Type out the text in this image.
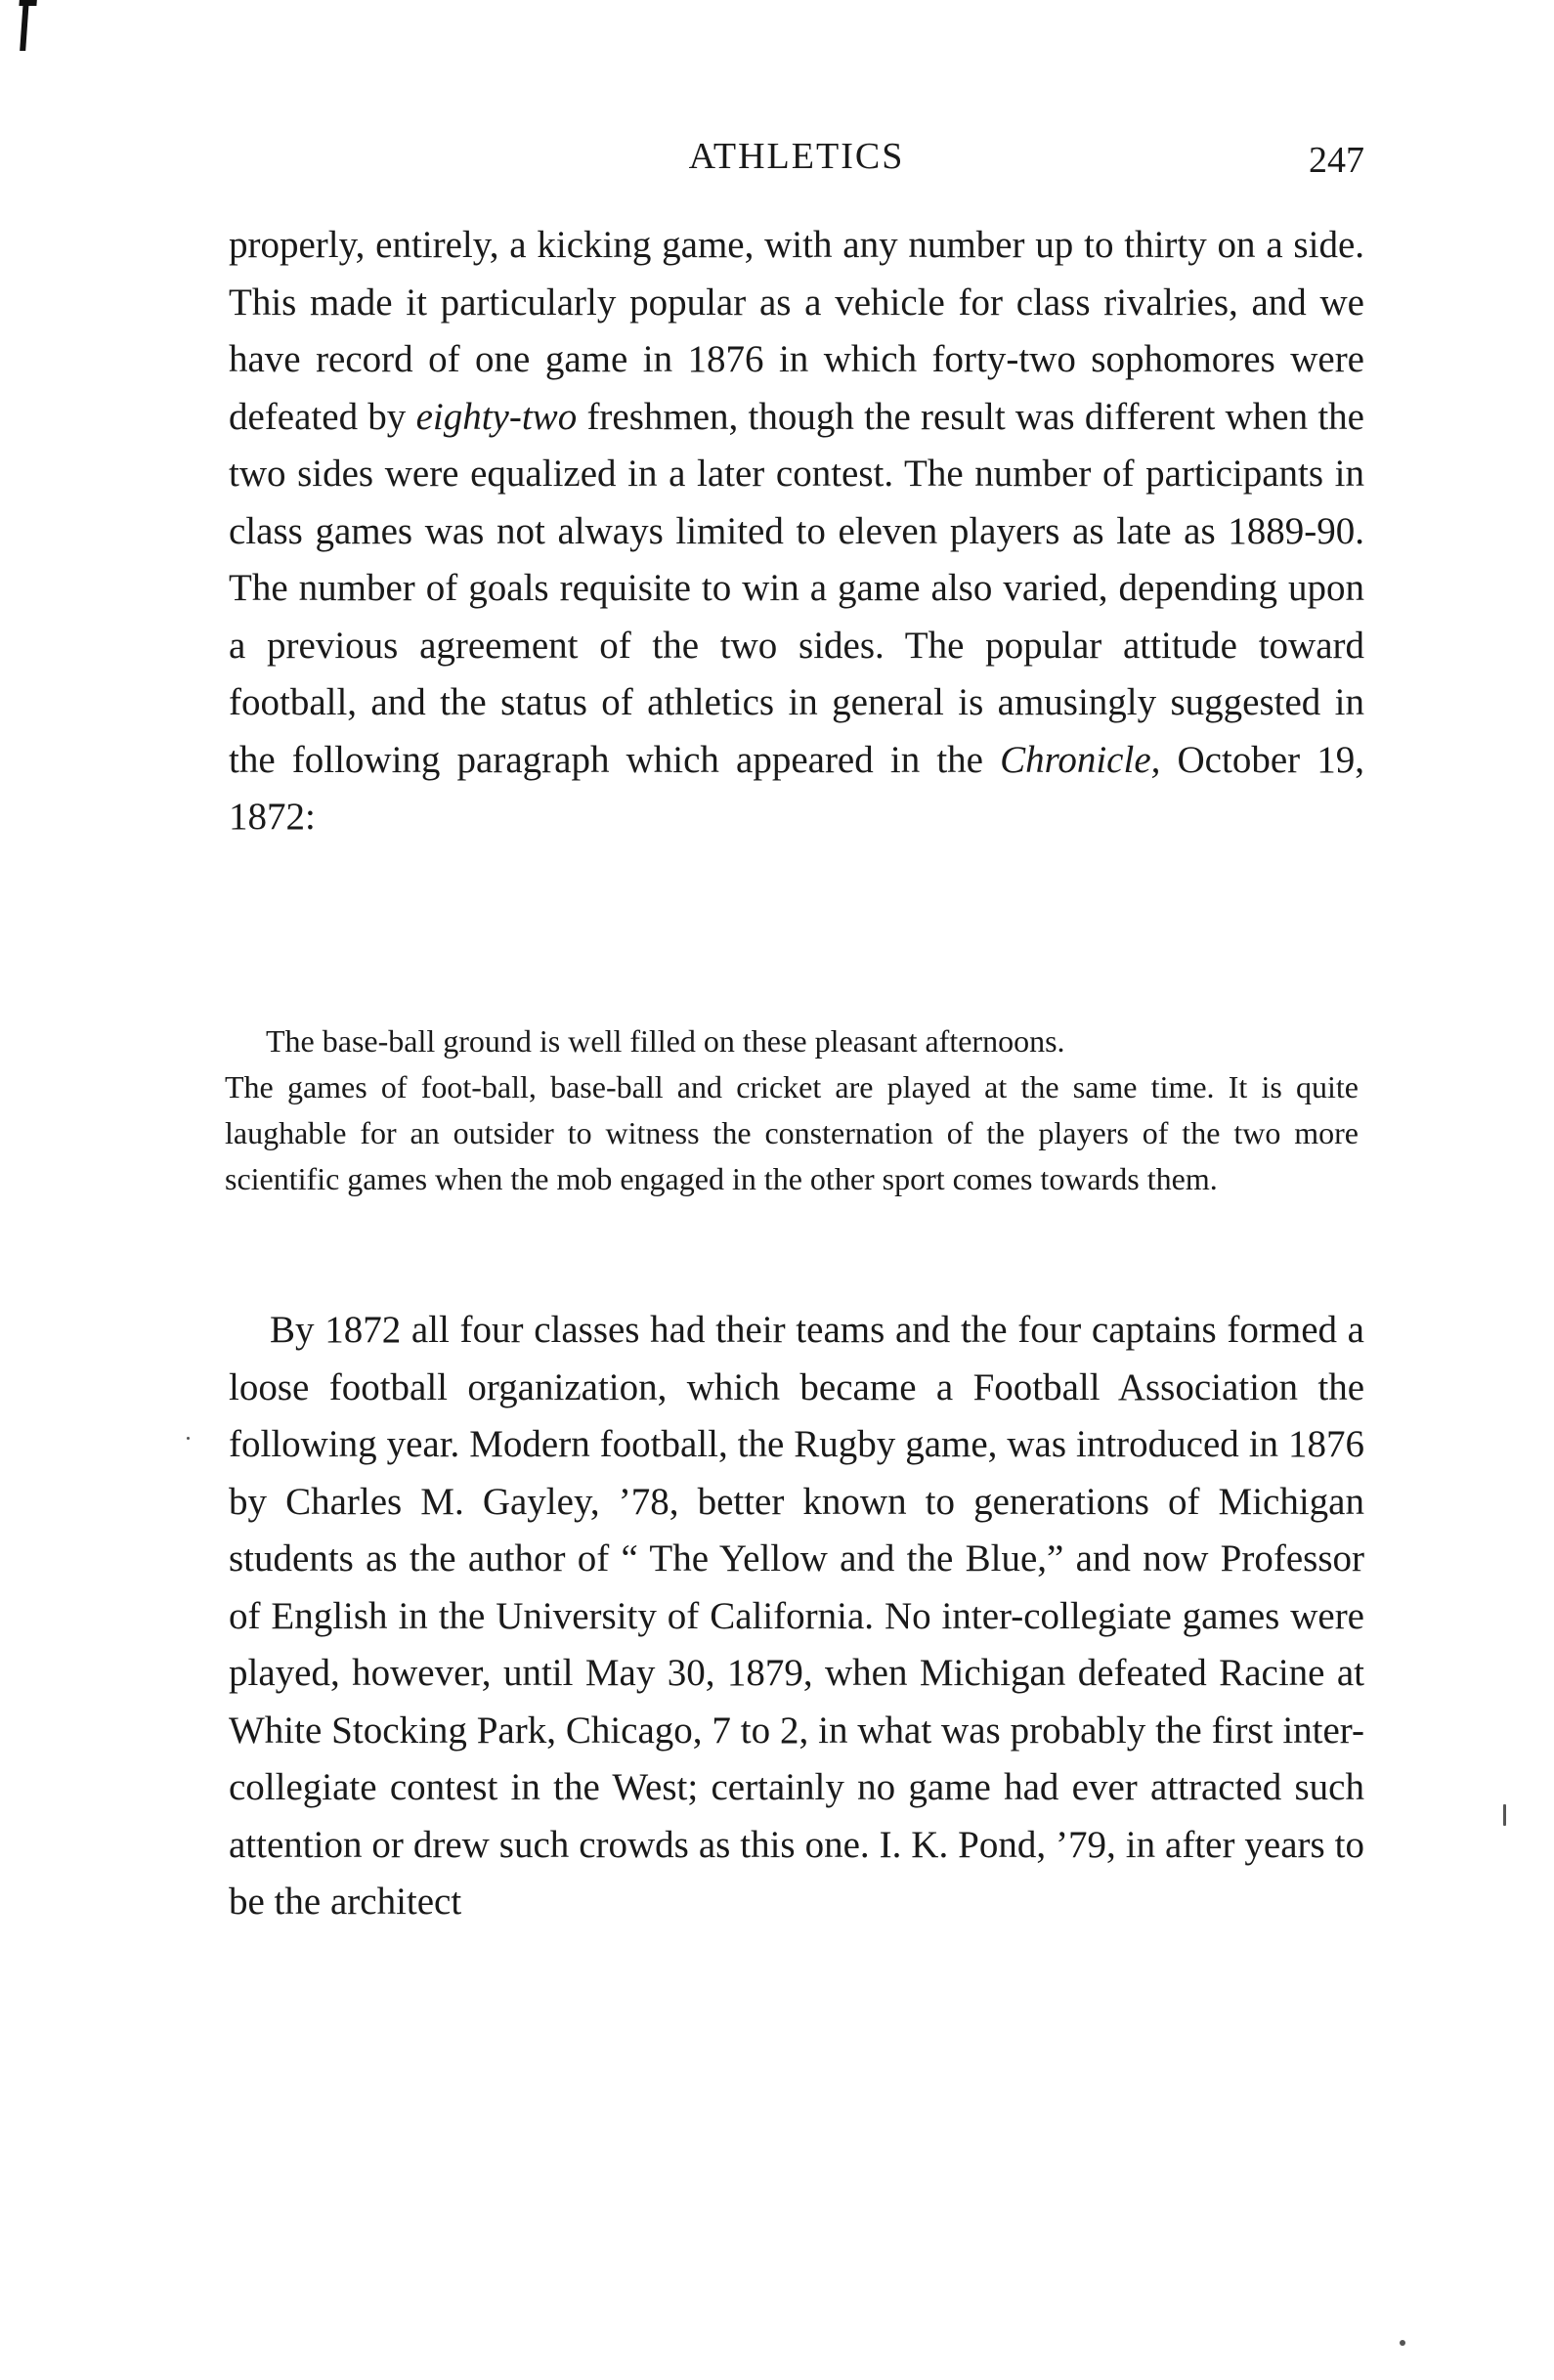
ATHLETICS	247

properly, entirely, a kicking game, with any number up to thirty on a side. This made it particularly popular as a vehicle for class rivalries, and we have record of one game in 1876 in which forty-two sophomores were defeated by eighty-two freshmen, though the result was different when the two sides were equalized in a later contest. The number of participants in class games was not always limited to eleven players as late as 1889-90. The number of goals requisite to win a game also varied, depending upon a previous agreement of the two sides. The popular attitude toward football, and the status of athletics in general is amusingly suggested in the following paragraph which appeared in the Chronicle, October 19, 1872:

The base-ball ground is well filled on these pleasant afternoons.
The games of foot-ball, base-ball and cricket are played at the same time. It is quite laughable for an outsider to witness the consternation of the players of the two more scientific games when the mob engaged in the other sport comes towards them.

By 1872 all four classes had their teams and the four captains formed a loose football organization, which became a Football Association the following year. Modern football, the Rugby game, was introduced in 1876 by Charles M. Gayley, ’78, better known to generations of Michigan students as the author of “ The Yellow and the Blue,” and now Professor of English in the University of California. No inter-collegiate games were played, however, until May 30, 1879, when Michigan defeated Racine at White Stocking Park, Chicago, 7 to 2, in what was probably the first inter-collegiate contest in the West; certainly no game had ever attracted such attention or drew such crowds as this one. I. K. Pond, ’79, in after years to be the architect
